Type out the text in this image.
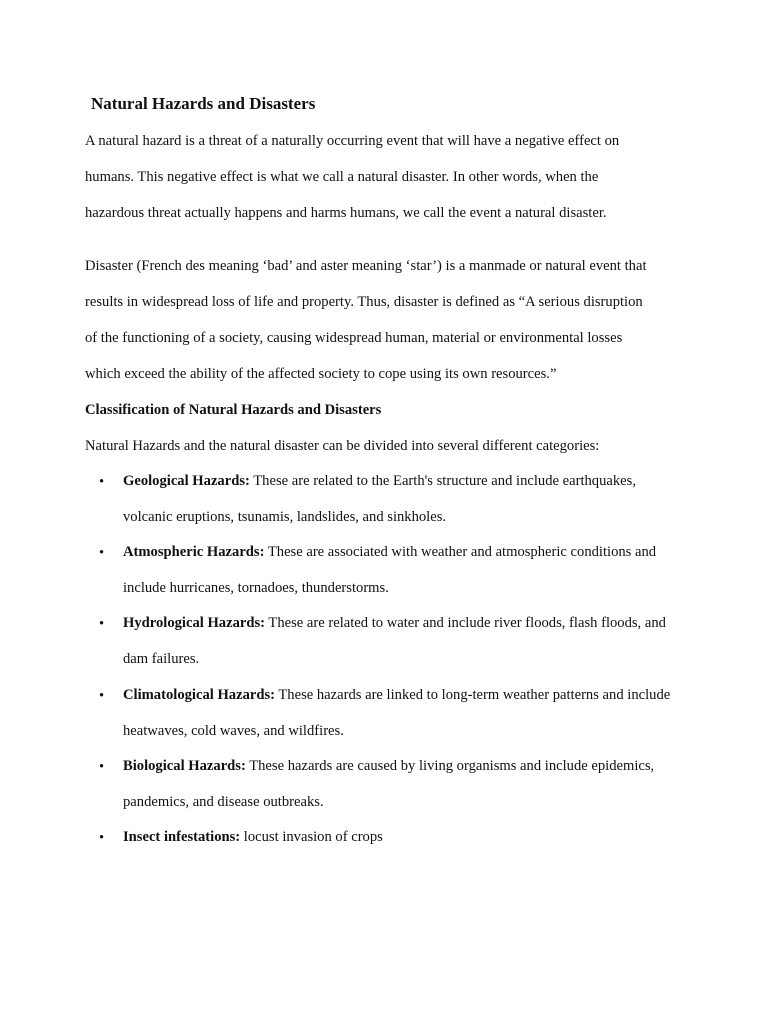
Natural Hazards and Disasters
A natural hazard is a threat of a naturally occurring event that will have a negative effect on
humans. This negative effect is what we call a natural disaster. In other words, when the
hazardous threat actually happens and harms humans, we call the event a natural disaster.
Disaster (French des meaning ‘bad’ and aster meaning ‘star’) is a manmade or natural event that
results in widespread loss of life and property. Thus, disaster is defined as “A serious disruption
of the functioning of a society, causing widespread human, material or environmental losses
which exceed the ability of the affected society to cope using its own resources.”
Classification of Natural Hazards and Disasters
Natural Hazards and the natural disaster can be divided into several different categories:
• Geological Hazards: These are related to the Earth's structure and include earthquakes,
volcanic eruptions, tsunamis, landslides, and sinkholes.
• Atmospheric Hazards: These are associated with weather and atmospheric conditions and
include hurricanes, tornadoes, thunderstorms.
• Hydrological Hazards: These are related to water and include river floods, flash floods, and
dam failures.
• Climatological Hazards: These hazards are linked to long-term weather patterns and include
heatwaves, cold waves, and wildfires.
• Biological Hazards: These hazards are caused by living organisms and include epidemics,
pandemics, and disease outbreaks.
• Insect infestations: locust invasion of crops
